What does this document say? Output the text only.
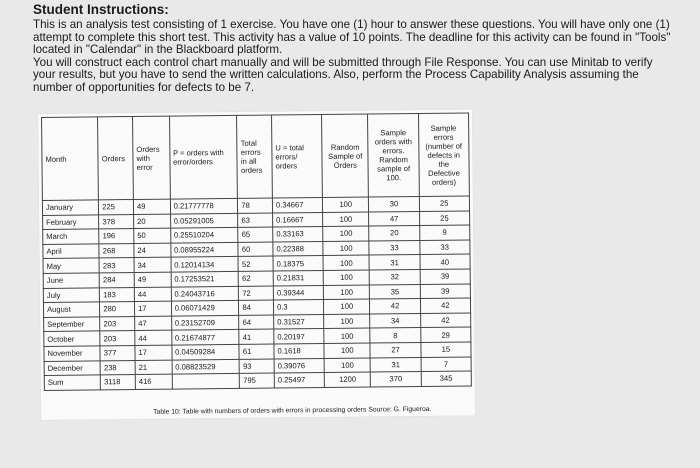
Student Instructions:

This is an analysis test consisting of 1 exercise. You have one (1) hour to answer these questions. You will have only one (1) attempt to complete this short test. This activity has a value of 10 points. The deadline for this activity can be found in "Tools" located in "Calendar" in the Blackboard platform.

You will construct each control chart manually and will be submitted through File Response. You can use Minitab to verify your results, but you have to send the written calculations. Also, perform the Process Capability Analysis assuming the number of opportunities for defects to be 7.

Month	Orders	Orders with error	P = orders with error/orders	Total errors in all orders	U = total errors/ orders	Random Sample of Orders	Sample orders with errors. Random sample of 100.	Sample errors (number of defects in the Defective orders)
January	225	49	0.21777778	78	0.34667	100	30	25
February	378	20	0.05291005	63	0.16667	100	47	25
March	196	50	0.25510204	65	0.33163	100	20	9
April	268	24	0.08955224	60	0.22388	100	33	33
May	283	34	0.12014134	52	0.18375	100	31	40
June	284	49	0.17253521	62	0.21831	100	32	39
July	183	44	0.24043716	72	0.39344	100	35	39
August	280	17	0.06071429	84	0.3	100	42	42
September	203	47	0.23152709	64	0.31527	100	34	42
October	203	44	0.21674877	41	0.20197	100	8	29
November	377	17	0.04509284	61	0.1618	100	27	15
December	238	21	0.08823529	93	0.39076	100	31	7
Sum	3118	416		795	0.25497	1200	370	345
Table 10: Table with numbers of orders with errors in processing orders Source: G. Figueroa.
